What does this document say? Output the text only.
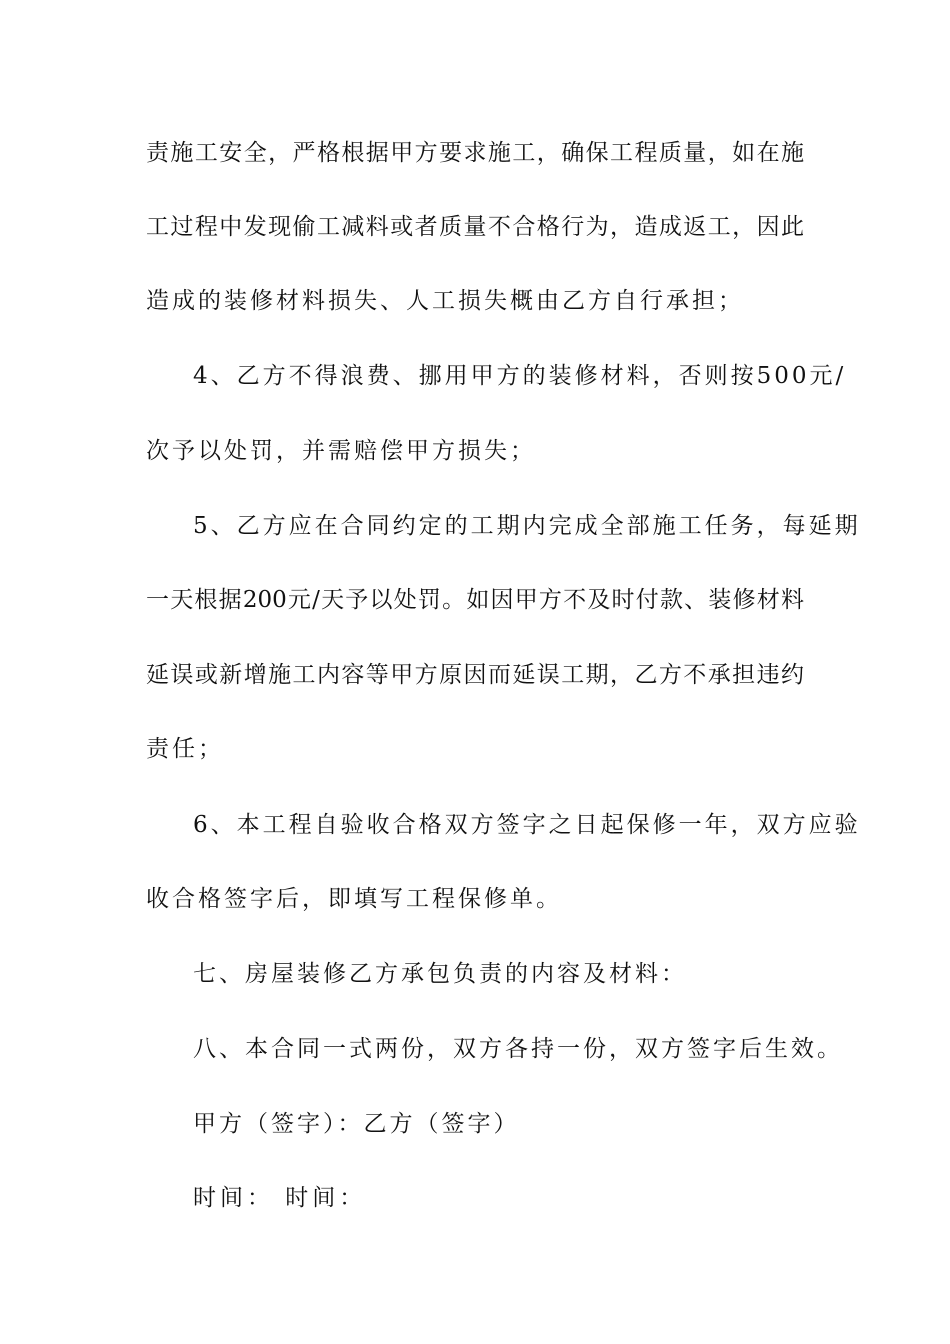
责施工安全，严格根据甲方要求施工，确保工程质量，如在施
工过程中发现偷工减料或者质量不合格行为，造成返工，因此
造成的装修材料损失、人工损失概由乙方自行承担；
4、乙方不得浪费、挪用甲方的装修材料，否则按500元/
次予以处罚，并需赔偿甲方损失；
5、乙方应在合同约定的工期内完成全部施工任务，每延期
一天根据200元/天予以处罚。如因甲方不及时付款、装修材料
延误或新增施工内容等甲方原因而延误工期，乙方不承担违约
责任；
6、本工程自验收合格双方签字之日起保修一年，双方应验
收合格签字后，即填写工程保修单。
七、房屋装修乙方承包负责的内容及材料：
八、本合同一式两份，双方各持一份，双方签字后生效。
甲方（签字）：乙方（签字）
时间： 时间：
